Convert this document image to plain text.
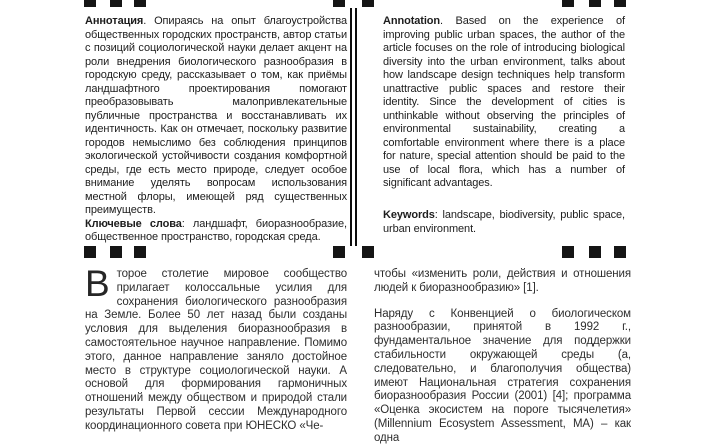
Аннотация. Опираясь на опыт благоустройства общественных городских пространств, автор статьи с позиций социологической науки делает акцент на роли внедрения биологического разнообразия в городскую среду, рассказывает о том, как приёмы ландшафтного проектирования помогают преобразовывать малопривлекательные публичные пространства и восстанавливать их идентичность. Как он отмечает, поскольку развитие городов немыслимо без соблюдения принципов экологической устойчивости создания комфортной среды, где есть место природе, следует особое внимание уделять вопросам использования местной флоры, имеющей ряд существенных преимуществ.

Ключевые слова: ландшафт, биоразнообразие, общественное пространство, городская среда.

Annotation. Based on the experience of improving public urban spaces, the author of the article focuses on the role of introducing biological diversity into the urban environment, talks about how landscape design techniques help transform unattractive public spaces and restore their identity. Since the development of cities is unthinkable without observing the principles of environmental sustainability, creating a comfortable environment where there is a place for nature, special attention should be paid to the use of local flora, which has a number of significant advantages.

Keywords: landscape, biodiversity, public space, urban environment.

Второе столетие мировое сообщество прилагает колоссальные усилия для сохранения биологического разнообразия на Земле. Более 50 лет назад были созданы условия для выделения биоразнообразия в самостоятельное научное направление. Помимо этого, данное направление заняло достойное место в структуре социологической науки. А основой для формирования гармоничных отношений между обществом и природой стали результаты Первой сессии Международного координационного совета при ЮНЕСКО «Че-

чтобы «изменить роли, действия и отношения людей к биоразнообразию» [1].

Наряду с Конвенцией о биологическом разнообразии, принятой в 1992 г., фундаментальное значение для поддержки стабильности окружающей среды (а, следовательно, и благополучия общества) имеют Национальная стратегия сохранения биоразнообразия России (2001) [4]; программа «Оценка экосистем на пороге тысячелетия» (Millennium Ecosystem Assessment, MA) – как одна
